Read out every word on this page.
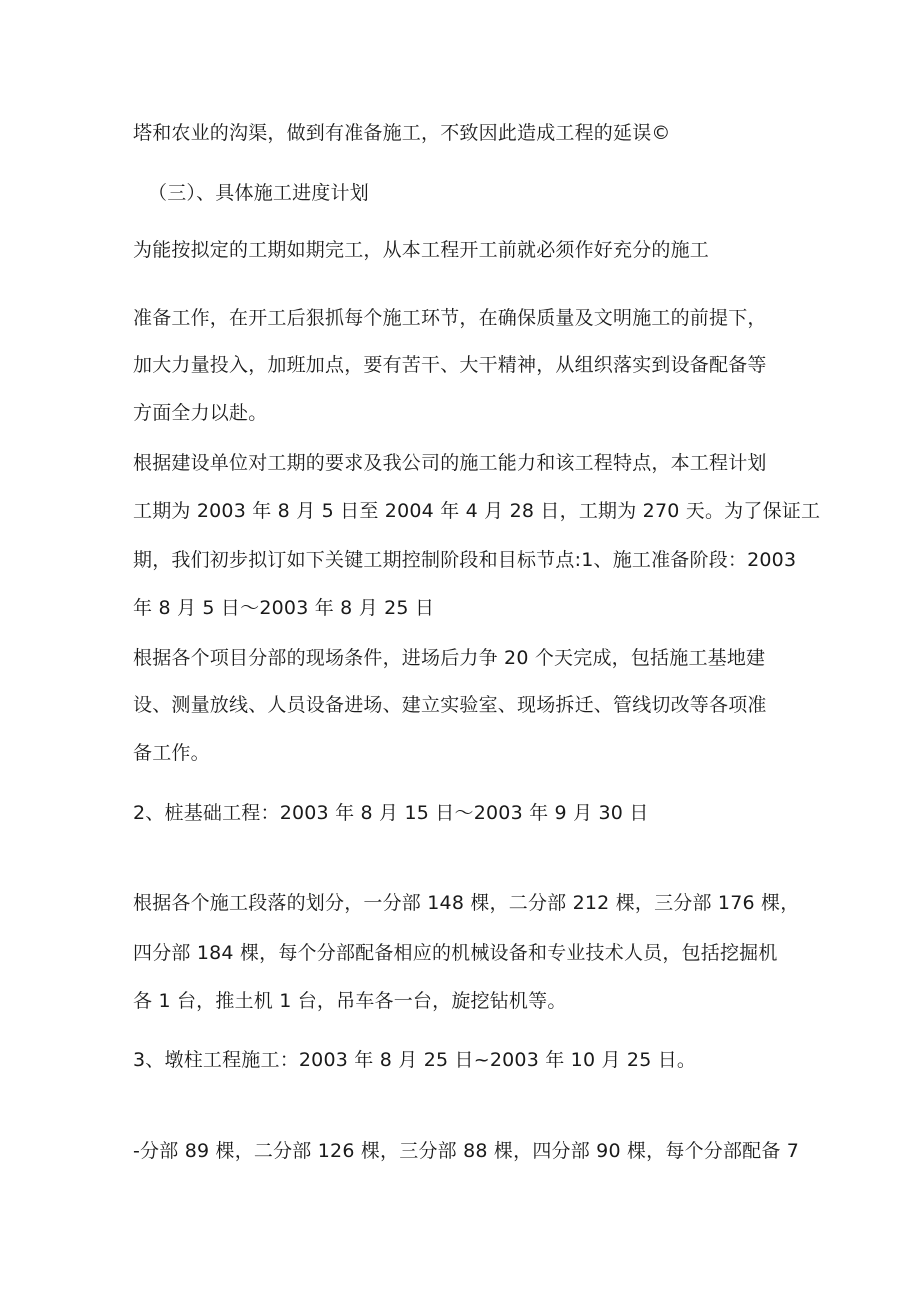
塔和农业的沟渠，做到有准备施工，不致因此造成工程的延误©
（三）、具体施工进度计划
为能按拟定的工期如期完工，从本工程开工前就必须作好充分的施工
准备工作，在开工后狠抓每个施工环节，在确保质量及文明施工的前提下，
加大力量投入，加班加点，要有苦干、大干精神，从组织落实到设备配备等
方面全力以赴。
根据建设单位对工期的要求及我公司的施工能力和该工程特点，本工程计划
工期为 2003 年 8 月 5 日至 2004 年 4 月 28 日，工期为 270 天。为了保证工
期，我们初步拟订如下关键工期控制阶段和目标节点:1、施工准备阶段：2003
年 8 月 5 日〜2003 年 8 月 25 日
根据各个项目分部的现场条件，进场后力争 20 个天完成，包括施工基地建
设、测量放线、人员设备进场、建立实验室、现场拆迁、管线切改等各项准
备工作。
2、桩基础工程：2003 年 8 月 15 日〜2003 年 9 月 30 日
根据各个施工段落的划分，一分部 148 棵，二分部 212 棵，三分部 176 棵，
四分部 184 棵，每个分部配备相应的机械设备和专业技术人员，包括挖掘机
各 1 台，推土机 1 台，吊车各一台，旋挖钻机等。
3、墩柱工程施工：2003 年 8 月 25 日~2003 年 10 月 25 日。
-分部 89 棵，二分部 126 棵，三分部 88 棵，四分部 90 棵，每个分部配备 7
